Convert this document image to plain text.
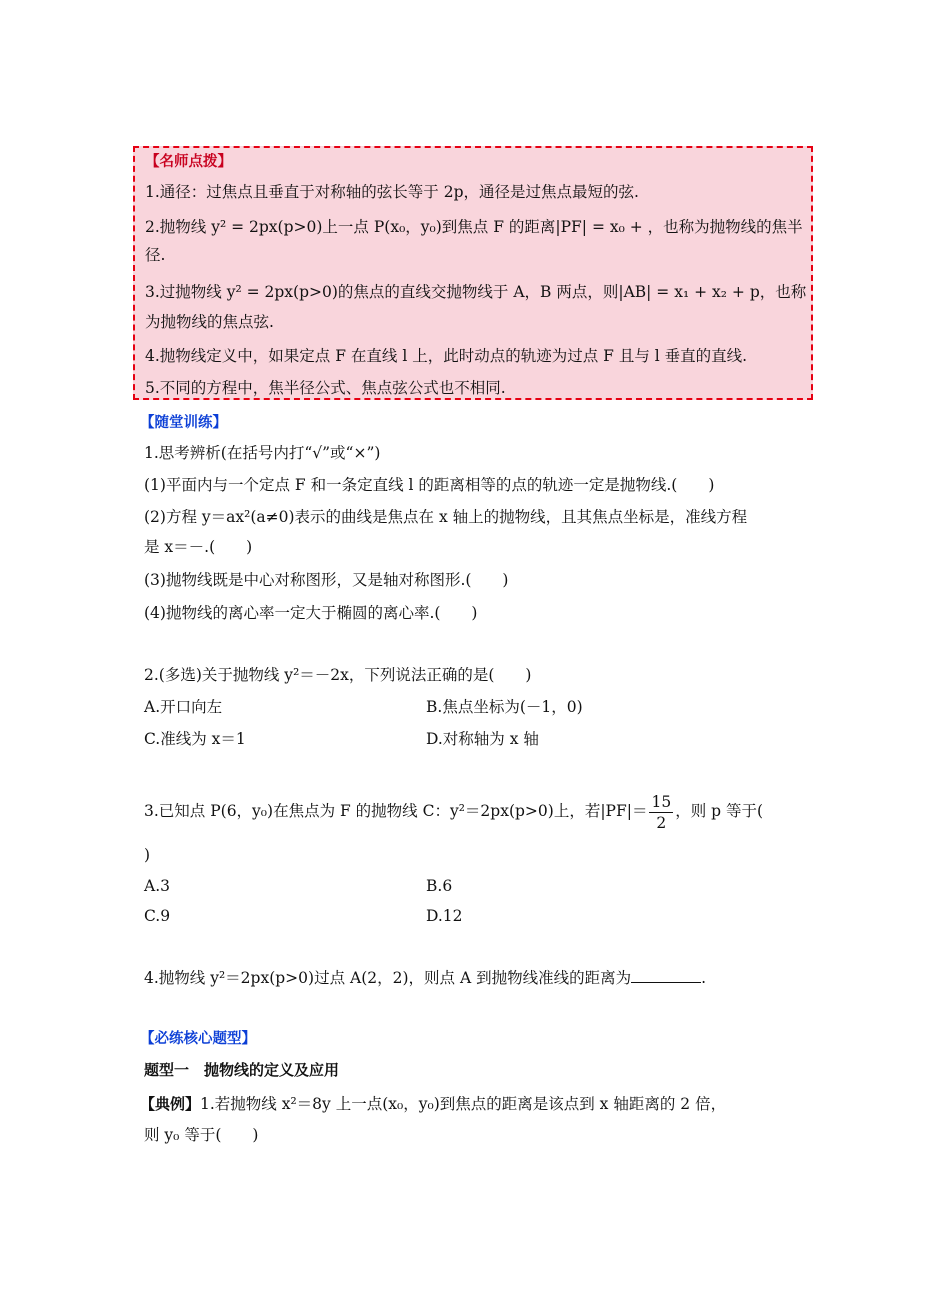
【名师点拨】
1.通径：过焦点且垂直于对称轴的弦长等于 2p，通径是过焦点最短的弦.
2.抛物线 y² = 2px(p>0)上一点 P(x₀，y₀)到焦点 F 的距离|PF| = x₀ + ，也称为抛物线的焦半
径.
3.过抛物线 y² = 2px(p>0)的焦点的直线交抛物线于 A，B 两点，则|AB| = x₁ + x₂ + p，也称
为抛物线的焦点弦.
4.抛物线定义中，如果定点 F 在直线 l 上，此时动点的轨迹为过点 F 且与 l 垂直的直线.
5.不同的方程中，焦半径公式、焦点弦公式也不相同.
【随堂训练】
1.思考辨析(在括号内打“√”或“×”)
(1)平面内与一个定点 F 和一条定直线 l 的距离相等的点的轨迹一定是抛物线.(　　)
(2)方程 y＝ax²(a≠0)表示的曲线是焦点在 x 轴上的抛物线，且其焦点坐标是，准线方程
是 x＝－.(　　)
(3)抛物线既是中心对称图形，又是轴对称图形.(　　)
(4)抛物线的离心率一定大于椭圆的离心率.(　　)
2.(多选)关于抛物线 y²＝－2x，下列说法正确的是(　　)
A.开口向左	B.焦点坐标为(－1，0)
C.准线为 x＝1	D.对称轴为 x 轴
3.已知点 P(6，y₀)在焦点为 F 的抛物线 C：y²＝2px(p>0)上，若$|PF|= \frac{15}{2}$ ，则 p 等于(
)
A.3	B.6
C.9	D.12
4.抛物线 y²＝2px(p>0)过点 A(2，2)，则点 A 到抛物线准线的距离为	.
【必练核心题型】
题型一　抛物线的定义及应用
【典例】1.若抛物线 x²＝8y 上一点(x₀，y₀)到焦点的距离是该点到 x 轴距离的 2 倍，
则 y₀ 等于(　　)
